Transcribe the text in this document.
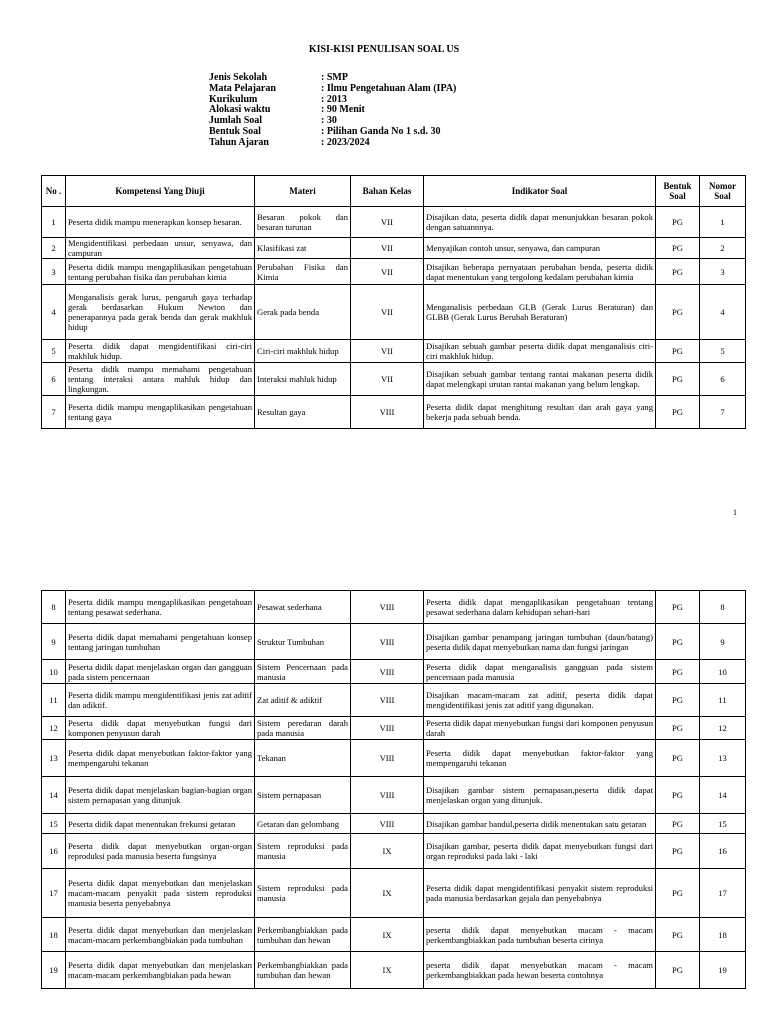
KISI-KISI PENULISAN SOAL US
Jenis Sekolah	: SMP
Mata Pelajaran	: Ilmu Pengetahuan Alam (IPA)
Kurikulum	: 2013
Alokasi waktu	: 90 Menit
Jumlah Soal	: 30
Bentuk Soal	: Pilihan Ganda No 1 s.d. 30
Tahun Ajaran	: 2023/2024
No .	Kompetensi Yang Diuji	Materi	Bahan Kelas	Indikator Soal	Bentuk Soal	Nomor Soal
1	Peserta didik mampu menerapkan konsep besaran.	Besaran pokok dan besaran turunan	VII	Disajikan data, peserta didik dapat menunjukkan besaran pokok dengan satuannnya.	PG	1
2	Mengidentifikasi perbedaan unsur, senyawa, dan campuran	Klasifikasi zat	VII	Menyajikan contoh unsur, senyawa, dan campuran	PG	2
3	Peserta didik mampu mengaplikasikan pengetahuan tentang perubahan fisika dan perubahan kimia	Perubahan Fisika dan Kimia	VII	Disajikan beberapa pernyataan perubahan benda, peserta didik dapat menentukan yang tergolong kedalam perubahan kimia	PG	3
4	Menganalisis gerak lurus, pengaruh gaya terhadap gerak berdasarkan Hukum Newton dan penerapannya pada gerak benda dan gerak makhluk hidup	Gerak pada benda	VII	Menganalisis perbedaan GLB (Gerak Lurus Beraturan) dan GLBB (Gerak Lurus Berubah Beraturan)	PG	4
5	Peserta didik dapat mengidentifikasi ciri-ciri makhluk hidup.	Ciri-ciri makhluk hidup	VII	Disajikan sebuah gambar peserta didik dapat menganalisis ciri-ciri makhluk hidup.	PG	5
6	Peserta didik mampu memahami pengetahuan tentang interaksi antara mahluk hidup dan lingkungan.	Interaksi mahluk hidup	VII	Disajikan sebuah gambar tentang rantai makanan peserta didik dapat melengkapi urutan rantai makanan yang belum lengkap.	PG	6
7	Peserta didik mampu mengaplikasikan pengetahuan tentang gaya	Resultan gaya	VIII	Peserta didik dapat menghitung resultan dan arah gaya yang bekerja pada sebuah benda.	PG	7
1
8	Peserta didik mampu mengaplikasikan pengetahuan tentang pesawat sederhana.	Pesawat sederhana	VIII	Peserta didik dapat mengaplikasikan pengetahuan tentang pesawat sederhana dalam kehidupan sehari-hari	PG	8
9	Peserta didik dapat memahami pengetahuan konsep tentang jaringan tumbuhan	Struktur Tumbuhan	VIII	Disajikan gambar penampang jaringan tumbuhan (daun/batang) peserta didik dapat menyebutkan nama dan fungsi jaringan	PG	9
10	Peserta didik dapat menjelaskan organ dan gangguan pada sistem pencernaan	Sistem Pencernaan pada manusia	VIII	Peserta didik dapat menganalisis gangguan pada sistem pencernaan pada manusia	PG	10
11	Peserta didik mampu mengidentifikasi jenis zat aditif dan adiktif.	Zat aditif & adiktif	VIII	Disajikan macam-macam zat aditif, peserta didik dapat mengidentifikasi jenis zat aditif yang digunakan.	PG	11
12	Peserta didik dapat menyebutkan fungsi dari komponen penyusun darah	Sistem peredaran darah pada manusia	VIII	Peserta didik dapat menyebutkan fungsi dari komponen penyusun darah	PG	12
13	Peserta didik dapat menyebutkan faktor-faktor yang mempengaruhi tekanan	Tekanan	VIII	Peserta didik dapat menyebutkan faktor-faktor yang mempengaruhi tekanan	PG	13
14	Peserta didik dapat menjelaskan bagian-bagian organ sistem pernapasan yang ditunjuk	Sistem pernapasan	VIII	Disajikan gambar sistem pernapasan,peserta didik dapat menjelaskan organ yang ditunjuk.	PG	14
15	Peserta didik dapat menentukan frekunsi getaran	Getaran dan gelombang	VIII	Disajikan gambar bandul,peserta didik menentukan satu getaran	PG	15
16	Peserta didik dapat menyebutkan organ-organ reproduksi pada manusia beserta fungsinya	Sistem reproduksi pada manusia	IX	Disajikan gambar, peserta didik dapat menyebutkan fungsi dari organ reproduksi pada laki - laki	PG	16
17	Peserta didik dapat menyebutkan dan menjelaskan macam-macam penyakit pada sistem reproduksi manusia beserta penyebabnya	Sistem reproduksi pada manusia	IX	Peserta didik dapat mengidentifikasi penyakit sistem reproduksi pada manusia berdasarkan gejala dan penyebabnya	PG	17
18	Peserta didik dapat menyebutkan dan menjelaskan macam-macam perkembangbiakan pada tumbuhan	Perkembangbiakkan pada tumbuhan dan hewan	IX	peserta didik dapat menyebutkan macam - macam perkembangbiakkan pada tumbuhan beserta cirinya	PG	18
19	Peserta didik dapat menyebutkan dan menjelaskan macam-macam perkembangbiakan pada hewan	Perkembangbiakkan pada tumbuhan dan hewan	IX	peserta didik dapat menyebutkan macam - macam perkembangbiakkan pada hewan beserta contohnya	PG	19
